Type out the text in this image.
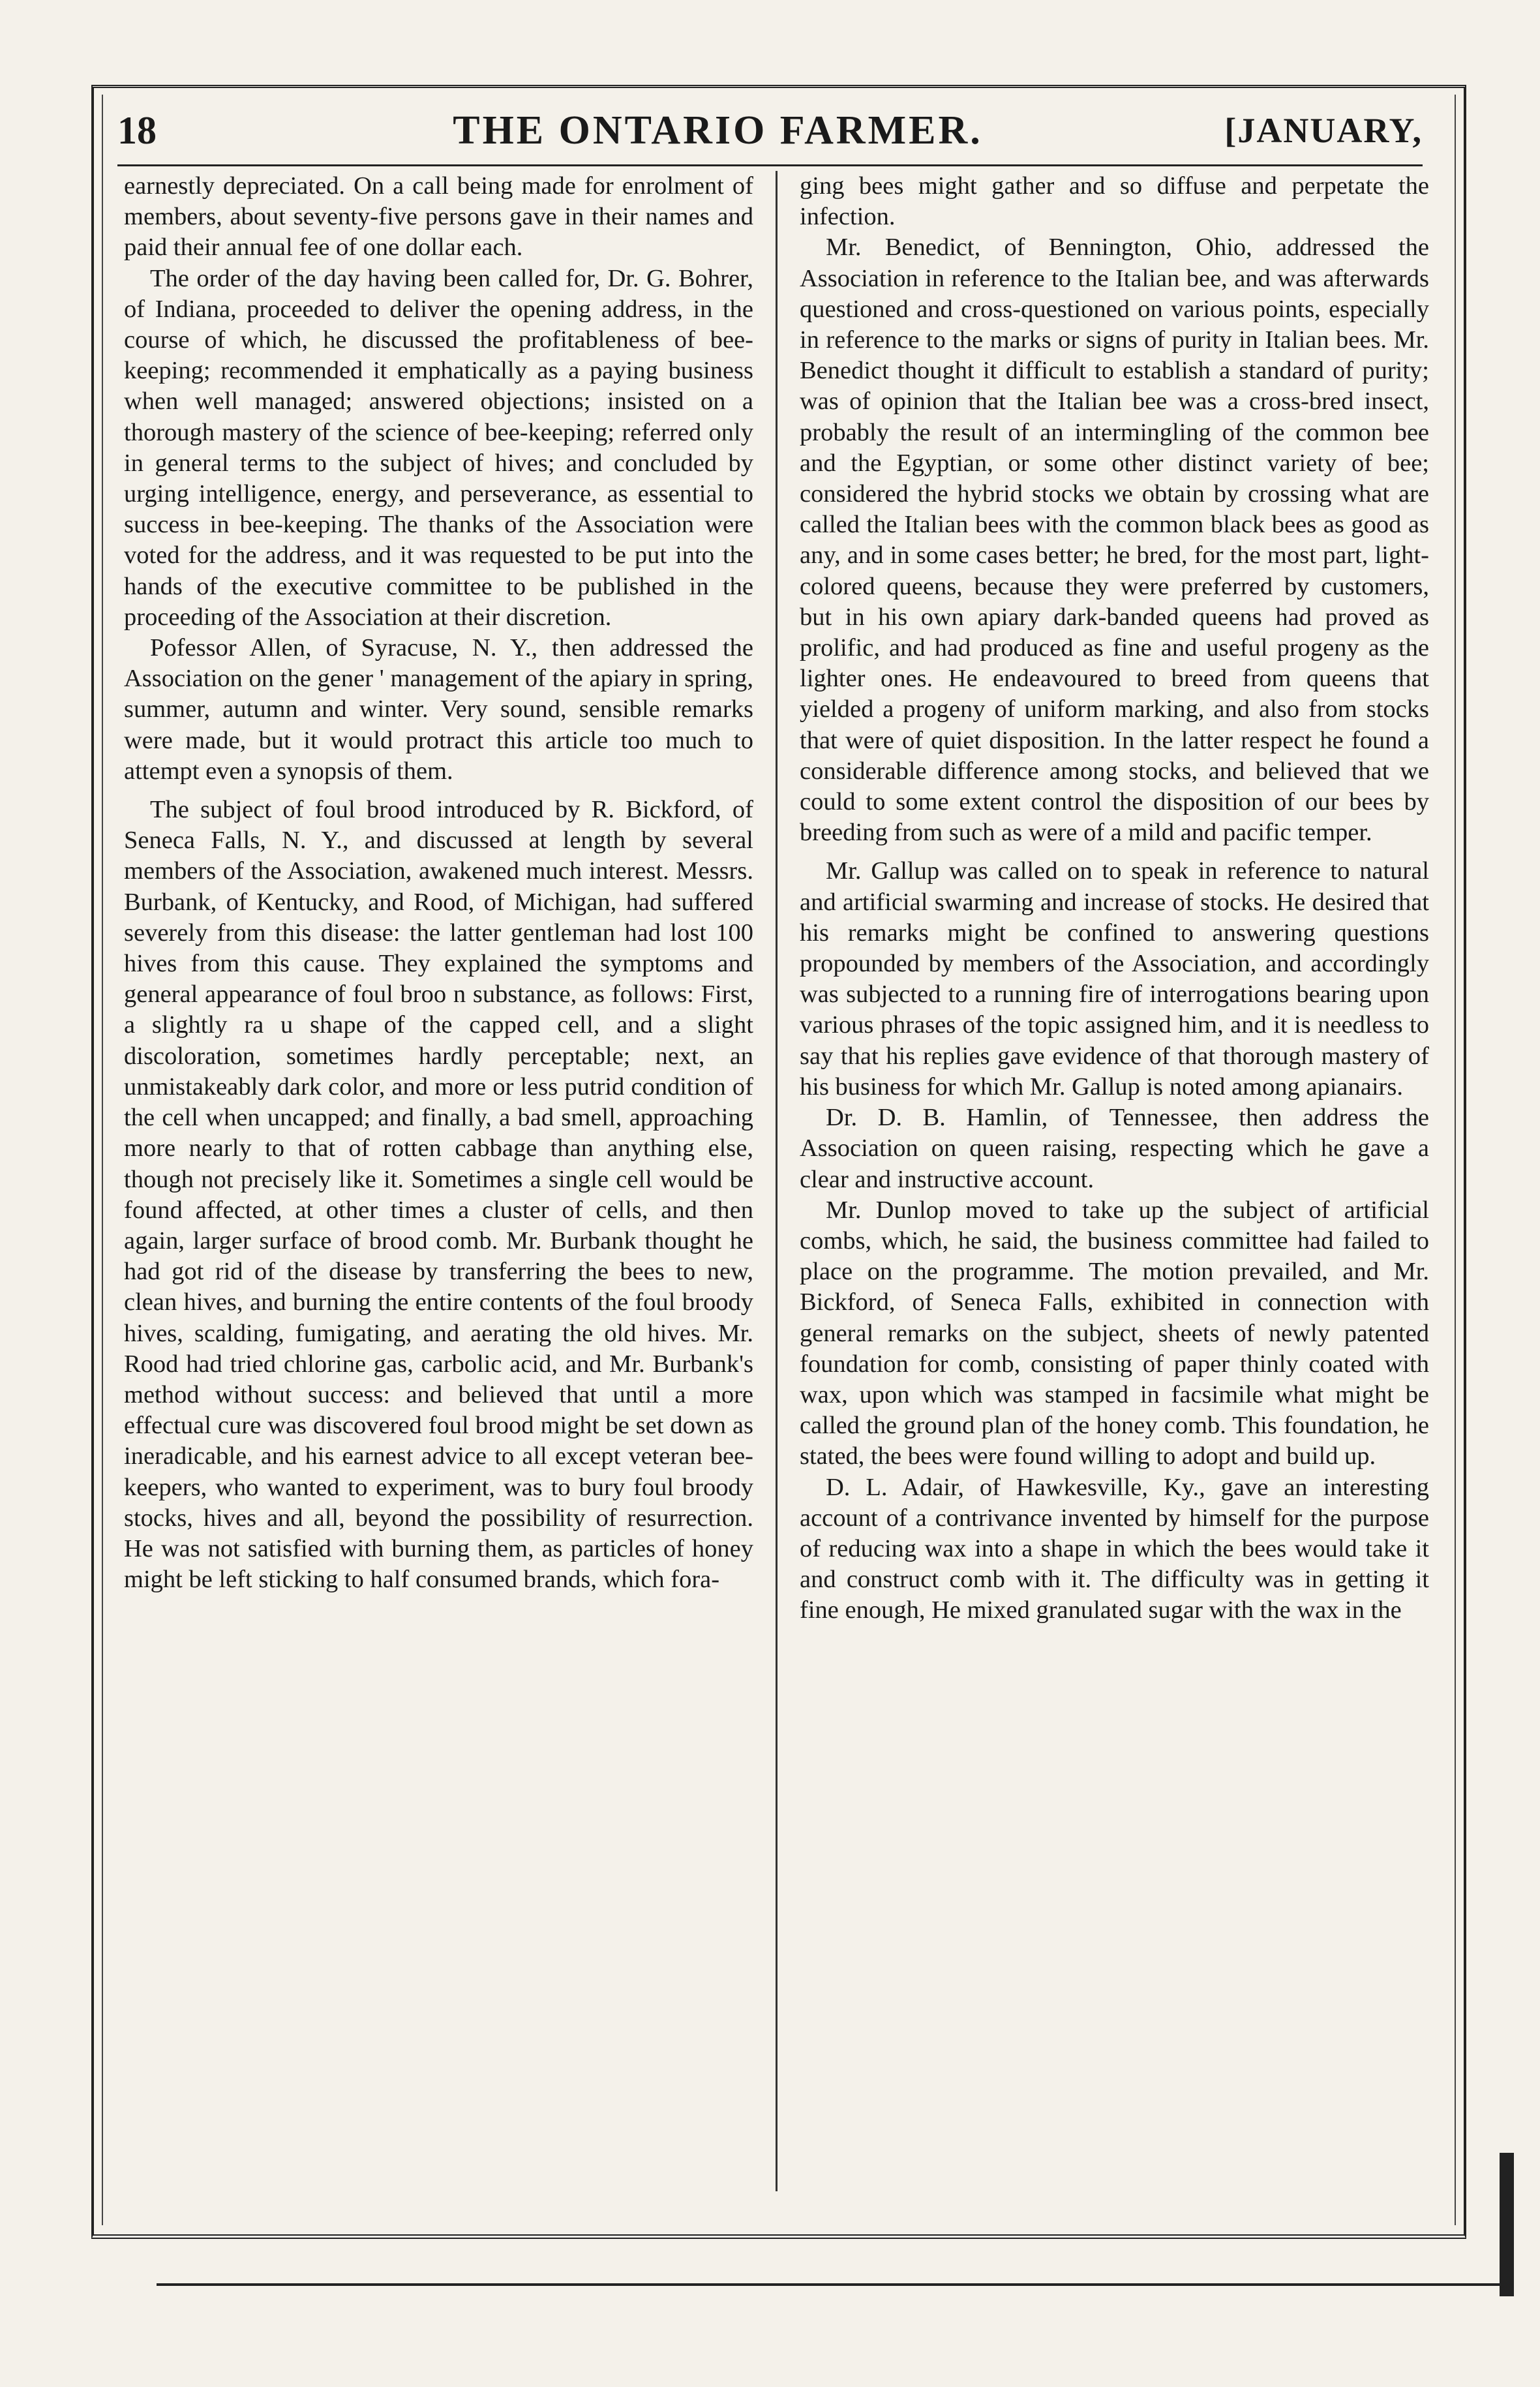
18	THE ONTARIO FARMER.	[JANUARY,

earnestly depreciated. On a call being made for enrolment of members, about seventy-five persons gave in their names and paid their annual fee of one dollar each.

The order of the day having been called for, Dr. G. Bohrer, of Indiana, proceeded to deliver the opening address, in the course of which, he discussed the profitableness of bee-keeping; recommended it emphatically as a paying business when well managed; answered objections; insisted on a thorough mastery of the science of bee-keeping; referred only in general terms to the subject of hives; and concluded by urging intelligence, energy, and perseverance, as essential to success in bee-keeping. The thanks of the Association were voted for the address, and it was requested to be put into the hands of the executive committee to be published in the proceeding of the Association at their discretion.

Pofessor Allen, of Syracuse, N. Y., then addressed the Association on the gener ' management of the apiary in spring, summer, autumn and winter. Very sound, sensible remarks were made, but it would protract this article too much to attempt even a synopsis of them.

The subject of foul brood introduced by R. Bickford, of Seneca Falls, N. Y., and discussed at length by several members of the Association, awakened much interest. Messrs. Burbank, of Kentucky, and Rood, of Michigan, had suffered severely from this disease: the latter gentleman had lost 100 hives from this cause. They explained the symptoms and general appearance of foul broo n substance, as follows: First, a slightly ra u shape of the capped cell, and a slight discoloration, sometimes hardly perceptable; next, an unmistakeably dark color, and more or less putrid condition of the cell when uncapped; and finally, a bad smell, approaching more nearly to that of rotten cabbage than anything else, though not precisely like it. Sometimes a single cell would be found affected, at other times a cluster of cells, and then again, larger surface of brood comb. Mr. Burbank thought he had got rid of the disease by transferring the bees to new, clean hives, and burning the entire contents of the foul broody hives, scalding, fumigating, and aerating the old hives. Mr. Rood had tried chlorine gas, carbolic acid, and Mr. Burbank's method without success: and believed that until a more effectual cure was discovered foul brood might be set down as ineradicable, and his earnest advice to all except veteran bee-keepers, who wanted to experiment, was to bury foul broody stocks, hives and all, beyond the possibility of resurrection. He was not satisfied with burning them, as particles of honey might be left sticking to half consumed brands, which fora-

ging bees might gather and so diffuse and perpetate the infection.

Mr. Benedict, of Bennington, Ohio, addressed the Association in reference to the Italian bee, and was afterwards questioned and cross-questioned on various points, especially in reference to the marks or signs of purity in Italian bees. Mr. Benedict thought it difficult to establish a standard of purity; was of opinion that the Italian bee was a cross-bred insect, probably the result of an intermingling of the common bee and the Egyptian, or some other distinct variety of bee; considered the hybrid stocks we obtain by crossing what are called the Italian bees with the common black bees as good as any, and in some cases better; he bred, for the most part, light-colored queens, because they were preferred by customers, but in his own apiary dark-banded queens had proved as prolific, and had produced as fine and useful progeny as the lighter ones. He endeavoured to breed from queens that yielded a progeny of uniform marking, and also from stocks that were of quiet disposition. In the latter respect he found a considerable difference among stocks, and believed that we could to some extent control the disposition of our bees by breeding from such as were of a mild and pacific temper.

Mr. Gallup was called on to speak in reference to natural and artificial swarming and increase of stocks. He desired that his remarks might be confined to answering questions propounded by members of the Association, and accordingly was subjected to a running fire of interrogations bearing upon various phrases of the topic assigned him, and it is needless to say that his replies gave evidence of that thorough mastery of his business for which Mr. Gallup is noted among apianairs.

Dr. D. B. Hamlin, of Tennessee, then address the Association on queen raising, respecting which he gave a clear and instructive account.

Mr. Dunlop moved to take up the subject of artificial combs, which, he said, the business committee had failed to place on the programme. The motion prevailed, and Mr. Bickford, of Seneca Falls, exhibited in connection with general remarks on the subject, sheets of newly patented foundation for comb, consisting of paper thinly coated with wax, upon which was stamped in facsimile what might be called the ground plan of the honey comb. This foundation, he stated, the bees were found willing to adopt and build up.

D. L. Adair, of Hawkesville, Ky., gave an interesting account of a contrivance invented by himself for the purpose of reducing wax into a shape in which the bees would take it and construct comb with it. The difficulty was in getting it fine enough, He mixed granulated sugar with the wax in the
